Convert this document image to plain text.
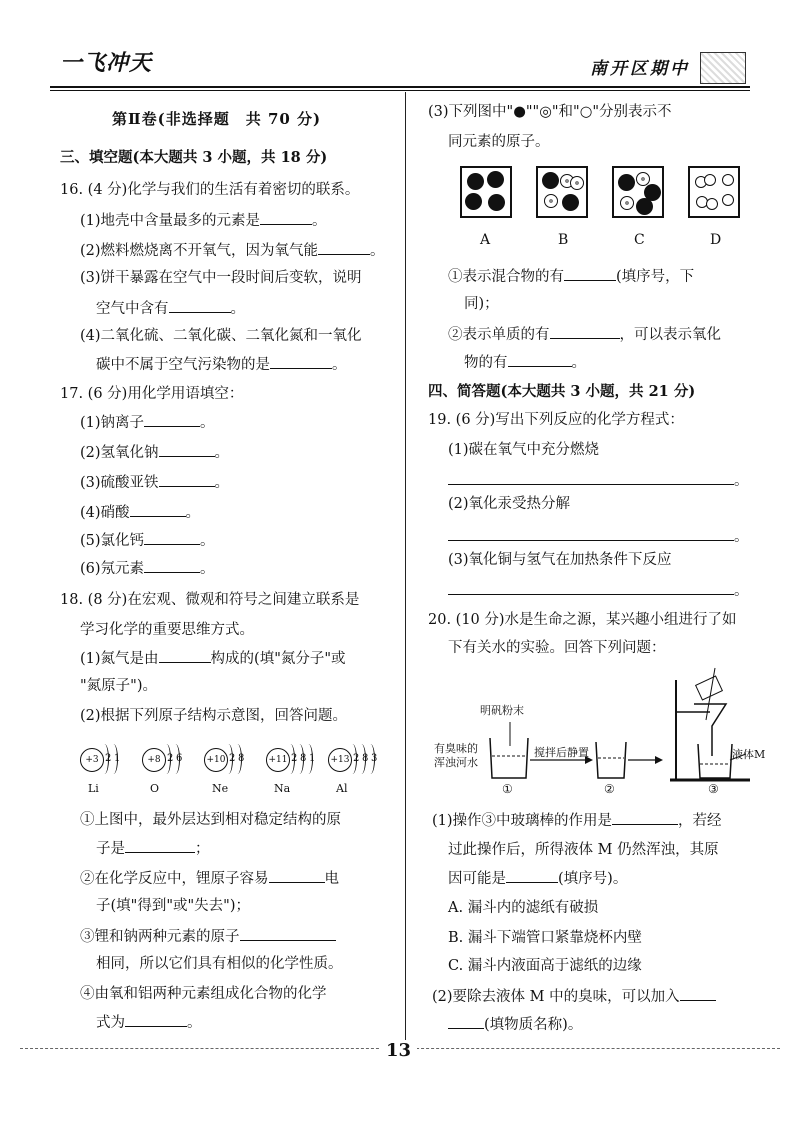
一飞冲天	南开区期中
第Ⅱ卷(非选择题　共 70 分)
三、填空题(本大题共 3 小题，共 18 分)
16. (4 分)化学与我们的生活有着密切的联系。
(1)地壳中含量最多的元素是	。
(2)燃料燃烧离不开氧气，因为氧气能	。
(3)饼干暴露在空气中一段时间后变软，说明
空气中含有	。
(4)二氧化硫、二氧化碳、二氧化氮和一氧化
碳中不属于空气污染物的是	。
17. (6 分)用化学用语填空：
(1)钠离子	。
(2)氢氧化钠	。
(3)硫酸亚铁	。
(4)硝酸	。
(5)氯化钙	。
(6)氖元素	。
18. (8 分)在宏观、微观和符号之间建立联系是
学习化学的重要思维方式。
(1)氮气是由	构成的(填"氮分子"或
"氮原子")。
(2)根据下列原子结构示意图，回答问题。
+3 2 1
Li
+8 2 6
O
+10 2 8
Ne
+11 2 8 1
Na
+13 2 8 3
Al
①上图中，最外层达到相对稳定结构的原
子是	；
②在化学反应中，锂原子容易	电
子(填"得到"或"失去")；
③锂和钠两种元素的原子
相同，所以它们具有相似的化学性质。
④由氧和铝两种元素组成化合物的化学
式为	。
(3)下列图中"●""◎"和"○"分别表示不
同元素的原子。
A	B	C	D
①表示混合物的有	(填序号，下
同)；
②表示单质的有	，可以表示氧化
物的有	。
四、简答题(本大题共 3 小题，共 21 分)
19. (6 分)写出下列反应的化学方程式：
(1)碳在氧气中充分燃烧
。
(2)氧化汞受热分解
。
(3)氧化铜与氢气在加热条件下反应
。
20. (10 分)水是生命之源，某兴趣小组进行了如
下有关水的实验。回答下列问题：
明矾粉末
有臭味的
浑浊河水
搅拌后静置	液体M
①	②	③
(1)操作③中玻璃棒的作用是	，若经
过此操作后，所得液体 M 仍然浑浊，其原
因可能是	(填序号)。
A. 漏斗内的滤纸有破损
B. 漏斗下端管口紧靠烧杯内壁
C. 漏斗内液面高于滤纸的边缘
(2)要除去液体 M 中的臭味，可以加入
(填物质名称)。
13
